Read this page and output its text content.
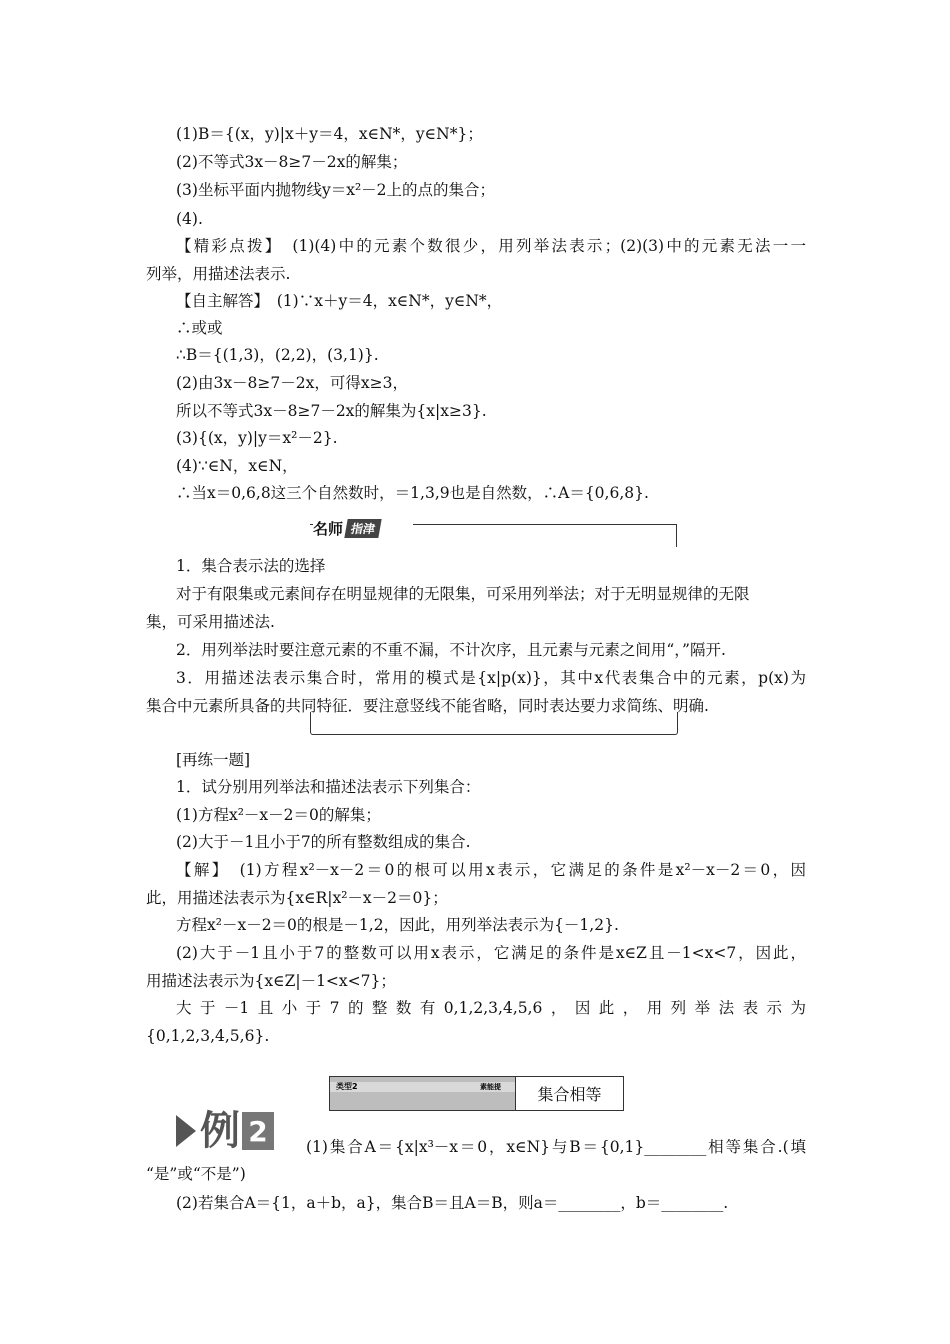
(1)B＝{(x，y)|x＋y＝4，x∈N*，y∈N*}；
(2)不等式3x－8≥7－2x的解集；
(3)坐标平面内抛物线y＝x²－2上的点的集合；
(4).
【精彩点拨】　(1)(4)中的元素个数很少，用列举法表示；(2)(3)中的元素无法一一
列举，用描述法表示.
【自主解答】　(1)∵x＋y＝4，x∈N*，y∈N*，
∴或或
∴B＝{(1,3)，(2,2)，(3,1)}.
(2)由3x－8≥7－2x，可得x≥3，
所以不等式3x－8≥7－2x的解集为{x|x≥3}.
(3){(x，y)|y＝x²－2}.
(4)∵∈N，x∈N，
∴当x＝0,6,8这三个自然数时，＝1,3,9也是自然数，∴A＝{0,6,8}.
名师 指津
1．集合表示法的选择
对于有限集或元素间存在明显规律的无限集，可采用列举法；对于无明显规律的无限
集，可采用描述法.
2．用列举法时要注意元素的不重不漏，不计次序，且元素与元素之间用“，”隔开.
3．用描述法表示集合时，常用的模式是{x|p(x)}，其中x代表集合中的元素，p(x)为
集合中元素所具备的共同特征．要注意竖线不能省略，同时表达要力求简练、明确.
[再练一题]
1．试分别用列举法和描述法表示下列集合：
(1)方程x²－x－2＝0的解集；
(2)大于－1且小于7的所有整数组成的集合.
【解】　(1)方程x²－x－2＝0的根可以用x表示，它满足的条件是x²－x－2＝0，因
此，用描述法表示为{x∈R|x²－x－2＝0}；
方程x²－x－2＝0的根是－1,2，因此，用列举法表示为{－1,2}.
(2)大于－1且小于7的整数可以用x表示，它满足的条件是x∈Z且－1<x<7，因此，
用描述法表示为{x∈Z|－1<x<7}；
大于－1且小于7的整数有0,1,2,3,4,5,6，因此，用列举法表示为
{0,1,2,3,4,5,6}.
类型2	素能提	集合相等
例 2	(1)集合A＝{x|x³－x＝0，x∈N}与B＝{0,1}________相等集合.(填
“是”或“不是”)
(2)若集合A＝{1，a＋b，a}，集合B＝且A＝B，则a＝________，b＝________.
